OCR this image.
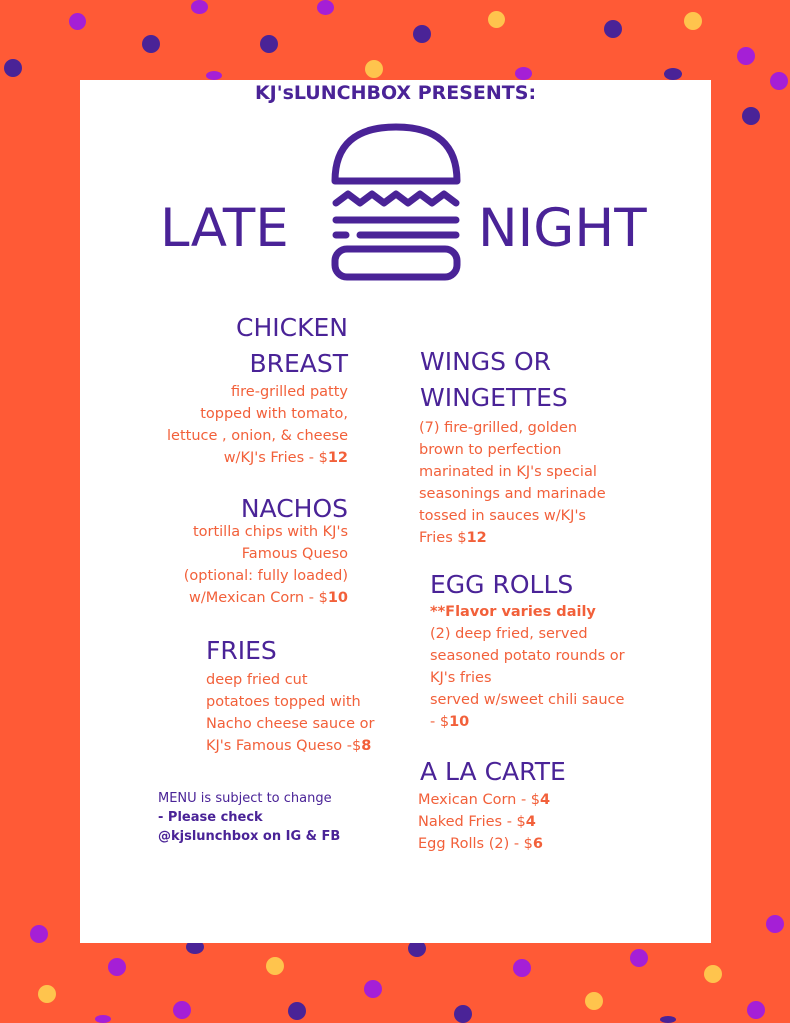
KJ'sLUNCHBOX PRESENTS:
LATE	NIGHT
CHICKEN
BREAST
fire-grilled patty
topped with tomato,
lettuce , onion, & cheese
w/KJ's Fries - $12
NACHOS
tortilla chips with KJ's
Famous Queso
(optional: fully loaded)
w/Mexican Corn - $10
FRIES
deep fried cut
potatoes topped with
Nacho cheese sauce or
KJ's Famous Queso -$8
MENU is subject to change
- Please check
@kjslunchbox on IG & FB
WINGS OR
WINGETTES
(7) fire-grilled, golden
brown to perfection
marinated in KJ's special
seasonings and marinade
tossed in sauces w/KJ's
Fries $12
EGG ROLLS
**Flavor varies daily
(2) deep fried, served
seasoned potato rounds or
KJ's fries
served w/sweet chili sauce
- $10
A LA CARTE
Mexican Corn - $4
Naked Fries - $4
Egg Rolls (2) - $6
